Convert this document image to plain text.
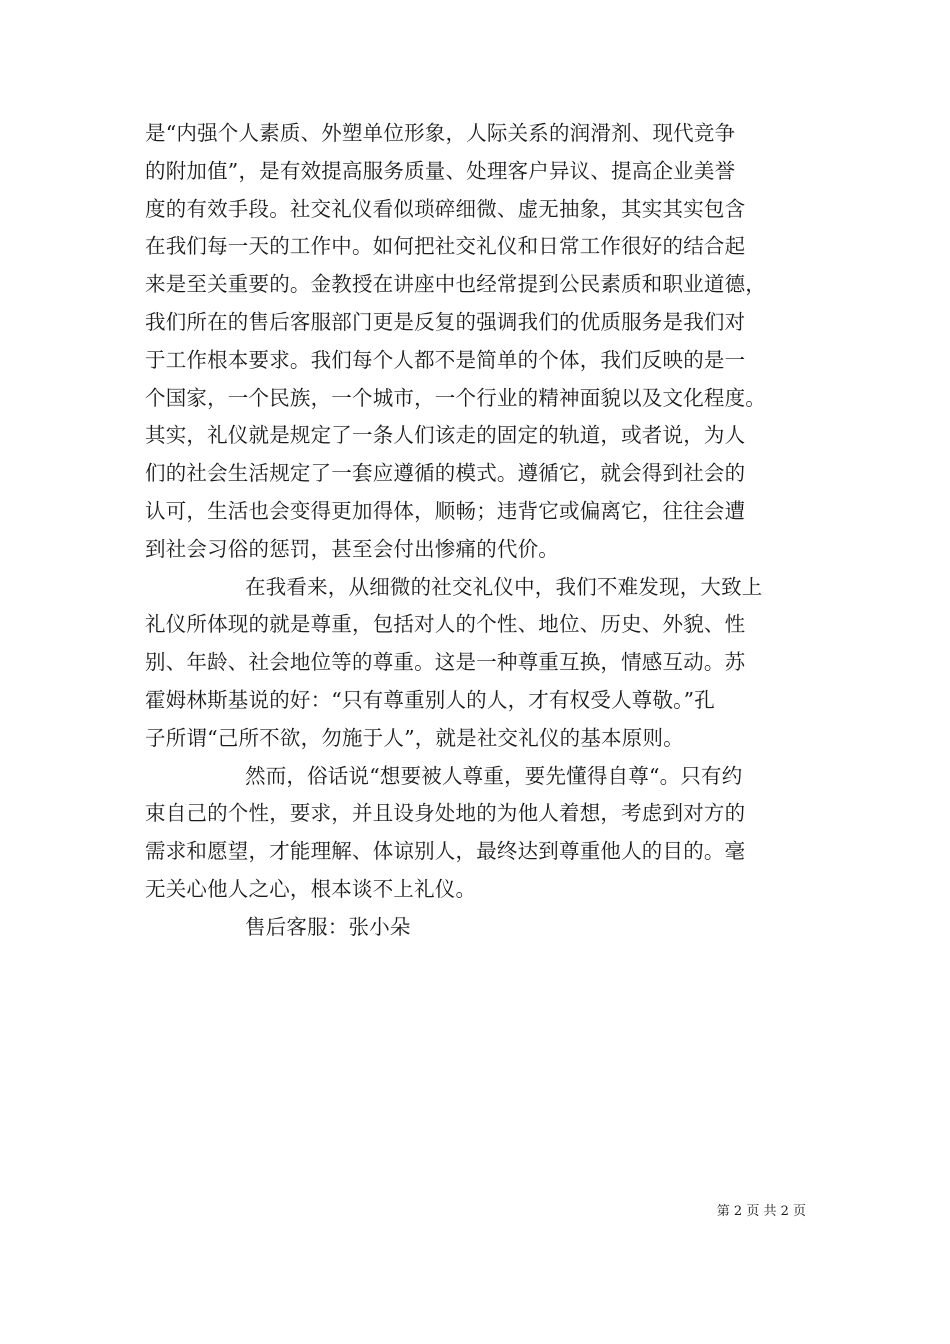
是“内强个人素质、外塑单位形象，人际关系的润滑剂、现代竞争
的附加值”，是有效提高服务质量、处理客户异议、提高企业美誉
度的有效手段。社交礼仪看似琐碎细微、虚无抽象，其实其实包含
在我们每一天的工作中。如何把社交礼仪和日常工作很好的结合起
来是至关重要的。金教授在讲座中也经常提到公民素质和职业道德，
我们所在的售后客服部门更是反复的强调我们的优质服务是我们对
于工作根本要求。我们每个人都不是简单的个体，我们反映的是一
个国家，一个民族，一个城市，一个行业的精神面貌以及文化程度。
其实，礼仪就是规定了一条人们该走的固定的轨道，或者说，为人
们的社会生活规定了一套应遵循的模式。遵循它，就会得到社会的
认可，生活也会变得更加得体，顺畅；违背它或偏离它，往往会遭
到社会习俗的惩罚，甚至会付出惨痛的代价。
在我看来，从细微的社交礼仪中，我们不难发现，大致上
礼仪所体现的就是尊重，包括对人的个性、地位、历史、外貌、性
别、年龄、社会地位等的尊重。这是一种尊重互换，情感互动。苏
霍姆林斯基说的好：“只有尊重别人的人，才有权受人尊敬。”孔
子所谓“己所不欲，勿施于人”，就是社交礼仪的基本原则。
然而，俗话说“想要被人尊重，要先懂得自尊“。只有约
束自己的个性，要求，并且设身处地的为他人着想，考虑到对方的
需求和愿望，才能理解、体谅别人，最终达到尊重他人的目的。毫
无关心他人之心，根本谈不上礼仪。
售后客服：张小朵
第 2 页 共 2 页
